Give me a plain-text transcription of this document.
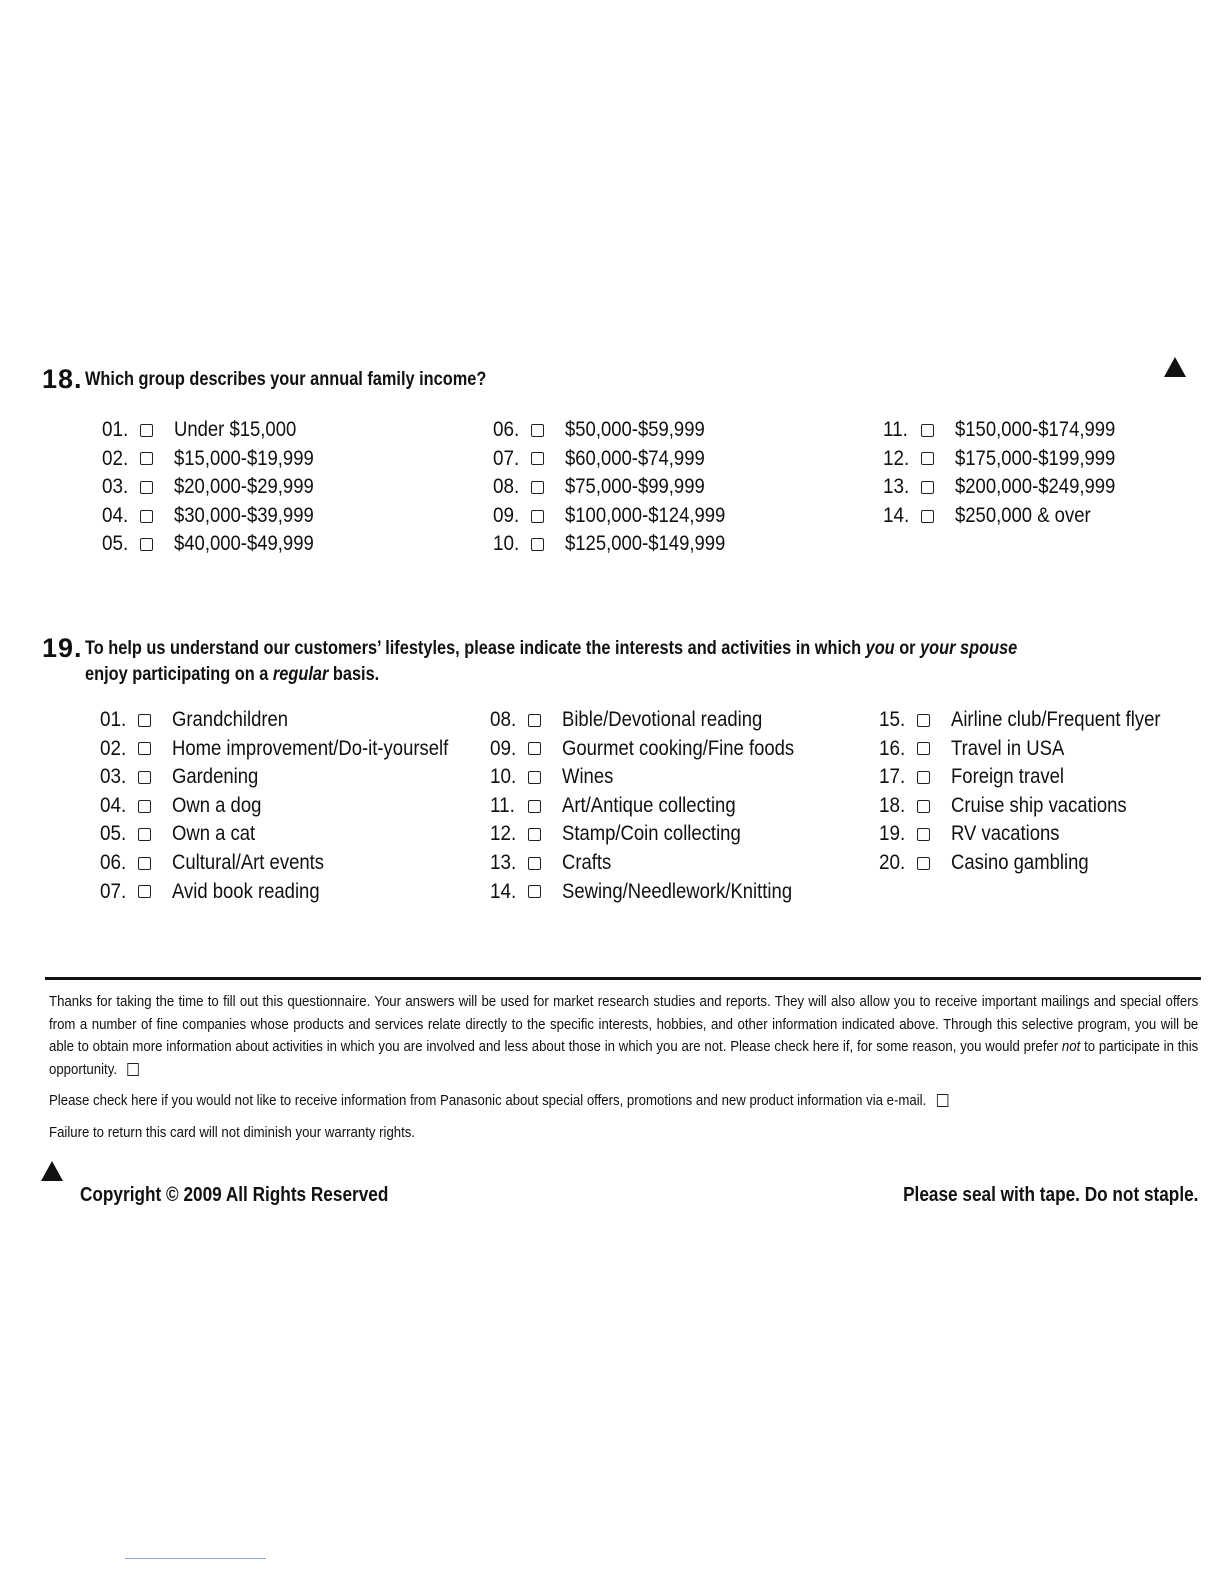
18. Which group describes your annual family income?
01. Under $15,000
02. $15,000-$19,999
03. $20,000-$29,999
04. $30,000-$39,999
05. $40,000-$49,999
06. $50,000-$59,999
07. $60,000-$74,999
08. $75,000-$99,999
09. $100,000-$124,999
10. $125,000-$149,999
11. $150,000-$174,999
12. $175,000-$199,999
13. $200,000-$249,999
14. $250,000 & over
19. To help us understand our customers’ lifestyles, please indicate the interests and activities in which you or your spouse
enjoy participating on a regular basis.
01. Grandchildren
02. Home improvement/Do-it-yourself
03. Gardening
04. Own a dog
05. Own a cat
06. Cultural/Art events
07. Avid book reading
08. Bible/Devotional reading
09. Gourmet cooking/Fine foods
10. Wines
11. Art/Antique collecting
12. Stamp/Coin collecting
13. Crafts
14. Sewing/Needlework/Knitting
15. Airline club/Frequent flyer
16. Travel in USA
17. Foreign travel
18. Cruise ship vacations
19. RV vacations
20. Casino gambling
Thanks for taking the time to fill out this questionnaire. Your answers will be used for market research studies and reports. They will also allow you to receive important mailings and special offers from a number of fine companies whose products and services relate directly to the specific interests, hobbies, and other information indicated above. Through this selective program, you will be able to obtain more information about activities in which you are involved and less about those in which you are not. Please check here if, for some reason, you would prefer not to participate in this opportunity.
Please check here if you would not like to receive information from Panasonic about special offers, promotions and new product information via e-mail.
Failure to return this card will not diminish your warranty rights.
Copyright © 2009 All Rights Reserved	Please seal with tape. Do not staple.
